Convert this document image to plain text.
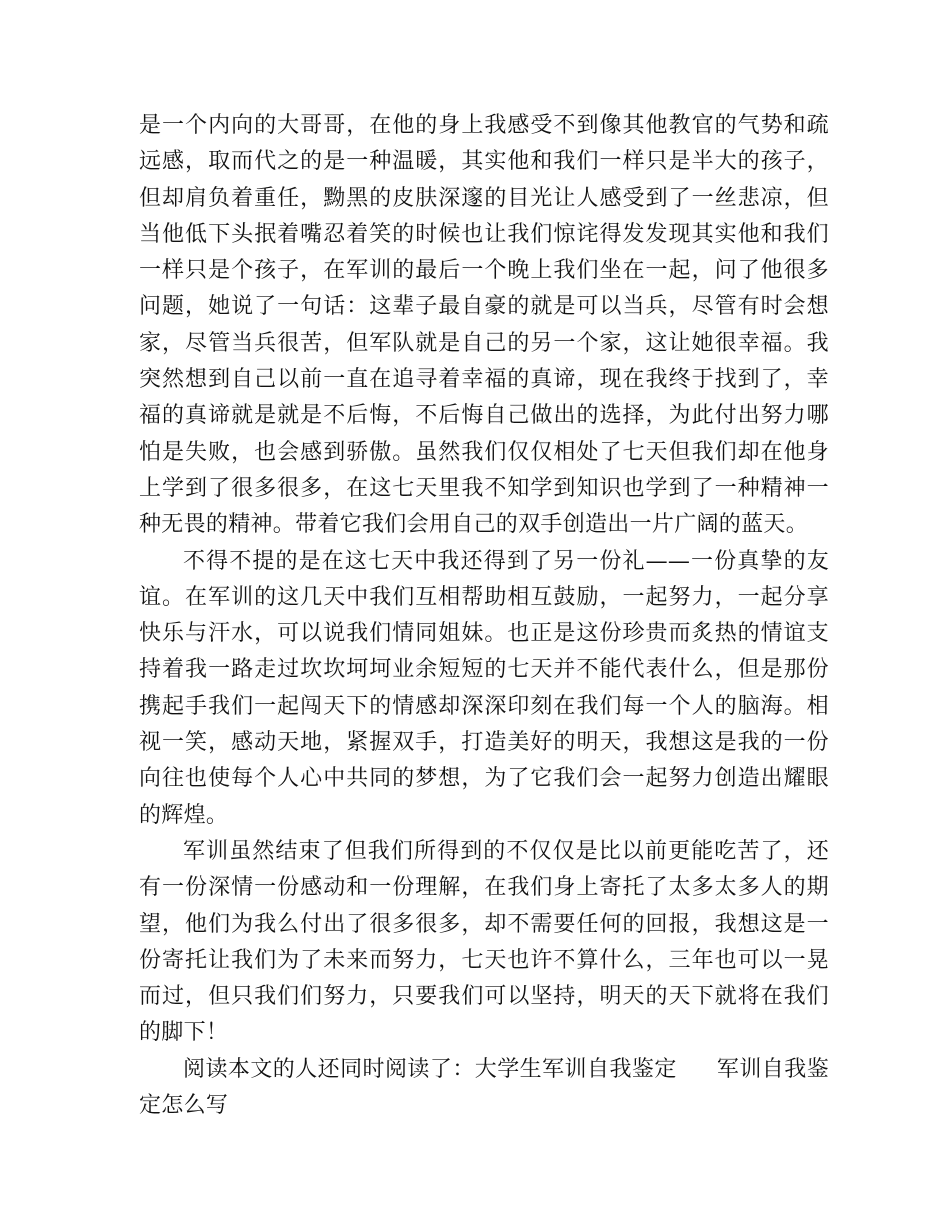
是一个内向的大哥哥，在他的身上我感受不到像其他教官的气势和疏远感，取而代之的是一种温暖，其实他和我们一样只是半大的孩子，但却肩负着重任，黝黑的皮肤深邃的目光让人感受到了一丝悲凉，但当他低下头抿着嘴忍着笑的时候也让我们惊诧得发发现其实他和我们一样只是个孩子，在军训的最后一个晚上我们坐在一起，问了他很多问题，她说了一句话：这辈子最自豪的就是可以当兵，尽管有时会想家，尽管当兵很苦，但军队就是自己的另一个家，这让她很幸福。我突然想到自己以前一直在追寻着幸福的真谛，现在我终于找到了，幸福的真谛就是就是不后悔，不后悔自己做出的选择，为此付出努力哪怕是失败，也会感到骄傲。虽然我们仅仅相处了七天但我们却在他身上学到了很多很多，在这七天里我不知学到知识也学到了一种精神一种无畏的精神。带着它我们会用自己的双手创造出一片广阔的蓝天。

不得不提的是在这七天中我还得到了另一份礼——一份真挚的友谊。在军训的这几天中我们互相帮助相互鼓励，一起努力，一起分享快乐与汗水，可以说我们情同姐妹。也正是这份珍贵而炙热的情谊支持着我一路走过坎坎坷坷业余短短的七天并不能代表什么，但是那份携起手我们一起闯天下的情感却深深印刻在我们每一个人的脑海。相视一笑，感动天地，紧握双手，打造美好的明天，我想这是我的一份向往也使每个人心中共同的梦想，为了它我们会一起努力创造出耀眼的辉煌。

军训虽然结束了但我们所得到的不仅仅是比以前更能吃苦了，还有一份深情一份感动和一份理解，在我们身上寄托了太多太多人的期望，他们为我么付出了很多很多，却不需要任何的回报，我想这是一份寄托让我们为了未来而努力，七天也许不算什么，三年也可以一晃而过，但只我们们努力，只要我们可以坚持，明天的天下就将在我们的脚下！

阅读本文的人还同时阅读了：大学生军训自我鉴定 军训自我鉴定怎么写
